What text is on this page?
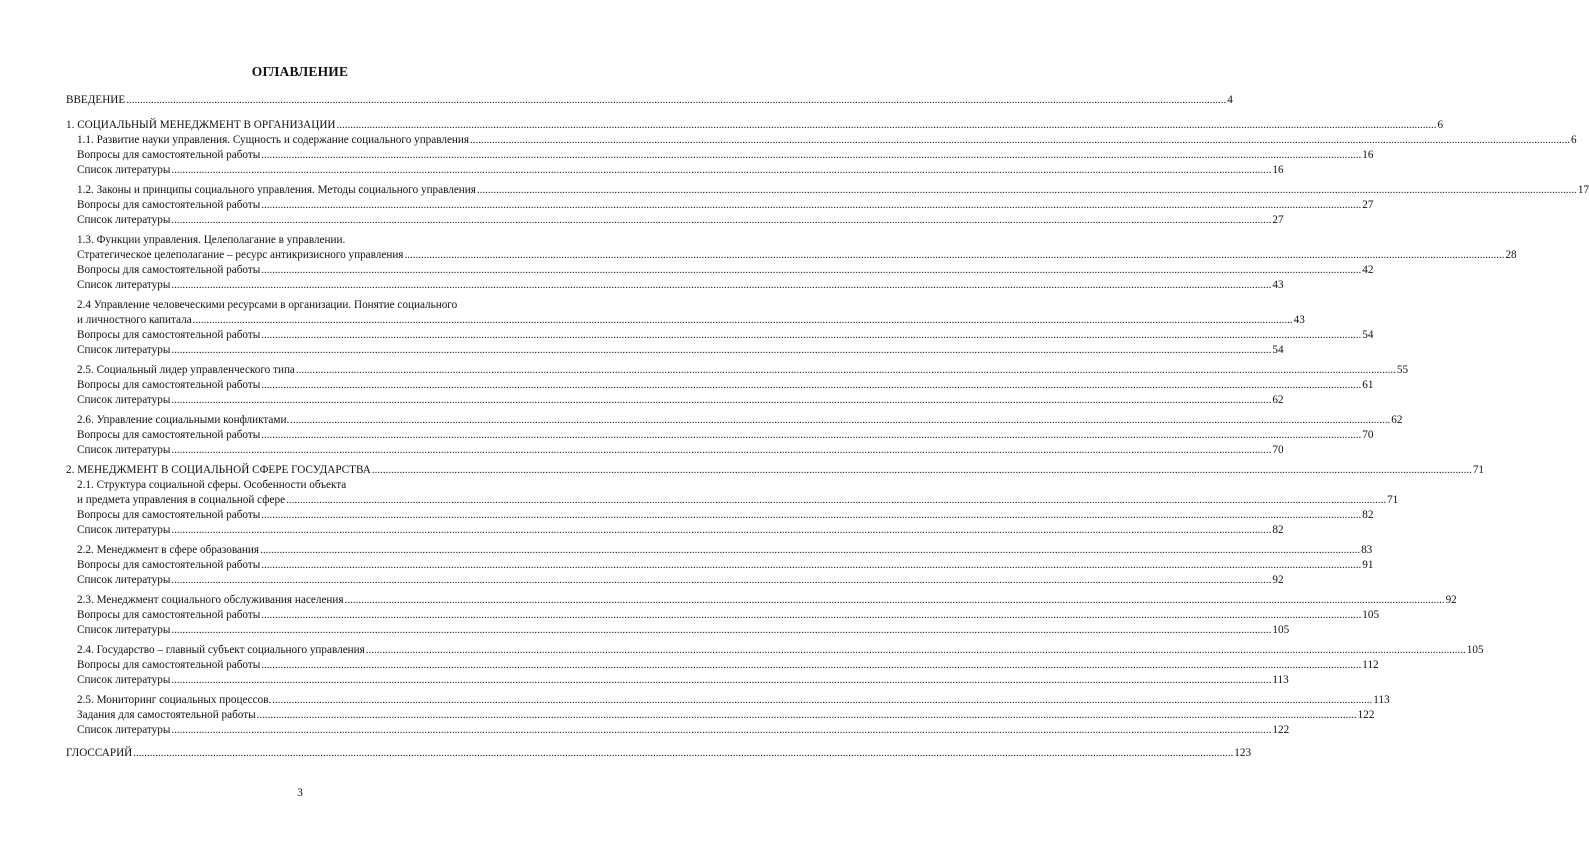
ОГЛАВЛЕНИЕ
ВВЕДЕНИЕ ................................................................................................................................................................................................................................................................................................................................................................................................................ 4
1. СОЦИАЛЬНЫЙ МЕНЕДЖМЕНТ В ОРГАНИЗАЦИИ ................................................................................................................................................................................................................................................................................................................................................................................................................ 6
1.1. Развитие науки управления. Сущность и содержание социального управления ................................................................................................................................................................................................................................................................................................................................................................................................................ 6
Вопросы для самостоятельной работы ................................................................................................................................................................................................................................................................................................................................................................................................................ 16
Список литературы ................................................................................................................................................................................................................................................................................................................................................................................................................ 16
1.2. Законы и принципы социального управления. Методы социального управления ................................................................................................................................................................................................................................................................................................................................................................................................................ 17
Вопросы для самостоятельной работы ................................................................................................................................................................................................................................................................................................................................................................................................................ 27
Список литературы ................................................................................................................................................................................................................................................................................................................................................................................................................ 27
1.3. Функции управления. Целеполагание в управлении.
Стратегическое целеполагание – ресурс антикризисного управления ................................................................................................................................................................................................................................................................................................................................................................................................................ 28
Вопросы для самостоятельной работы ................................................................................................................................................................................................................................................................................................................................................................................................................ 42
Список литературы ................................................................................................................................................................................................................................................................................................................................................................................................................ 43
2.4 Управление человеческими ресурсами в организации. Понятие социального
и личностного капитала ................................................................................................................................................................................................................................................................................................................................................................................................................ 43
Вопросы для самостоятельной работы ................................................................................................................................................................................................................................................................................................................................................................................................................ 54
Список литературы ................................................................................................................................................................................................................................................................................................................................................................................................................ 54
2.5. Социальный лидер управленческого типа ................................................................................................................................................................................................................................................................................................................................................................................................................ 55
Вопросы для самостоятельной работы ................................................................................................................................................................................................................................................................................................................................................................................................................ 61
Список литературы ................................................................................................................................................................................................................................................................................................................................................................................................................ 62
2.6. Управление социальными конфликтами. ................................................................................................................................................................................................................................................................................................................................................................................................................ 62
Вопросы для самостоятельной работы ................................................................................................................................................................................................................................................................................................................................................................................................................ 70
Список литературы ................................................................................................................................................................................................................................................................................................................................................................................................................ 70
2. МЕНЕДЖМЕНТ В СОЦИАЛЬНОЙ СФЕРЕ ГОСУДАРСТВА ................................................................................................................................................................................................................................................................................................................................................................................................................ 71
2.1. Структура социальной сферы. Особенности объекта
и предмета управления в социальной сфере ................................................................................................................................................................................................................................................................................................................................................................................................................ 71
Вопросы для самостоятельной работы ................................................................................................................................................................................................................................................................................................................................................................................................................ 82
Список литературы ................................................................................................................................................................................................................................................................................................................................................................................................................ 82
2.2. Менеджмент в сфере образования ................................................................................................................................................................................................................................................................................................................................................................................................................ 83
Вопросы для самостоятельной работы ................................................................................................................................................................................................................................................................................................................................................................................................................ 91
Список литературы ................................................................................................................................................................................................................................................................................................................................................................................................................ 92
2.3. Менеджмент социального обслуживания населения ................................................................................................................................................................................................................................................................................................................................................................................................................ 92
Вопросы для самостоятельной работы ................................................................................................................................................................................................................................................................................................................................................................................................................ 105
Список литературы ................................................................................................................................................................................................................................................................................................................................................................................................................ 105
2.4. Государство – главный субъект социального управления ................................................................................................................................................................................................................................................................................................................................................................................................................ 105
Вопросы для самостоятельной работы ................................................................................................................................................................................................................................................................................................................................................................................................................ 112
Список литературы ................................................................................................................................................................................................................................................................................................................................................................................................................ 113
2.5. Мониторинг социальных процессов. ................................................................................................................................................................................................................................................................................................................................................................................................................ 113
Задания для самостоятельной работы ................................................................................................................................................................................................................................................................................................................................................................................................................ 122
Список литературы ................................................................................................................................................................................................................................................................................................................................................................................................................ 122
ГЛОССАРИЙ ................................................................................................................................................................................................................................................................................................................................................................................................................ 123
3
